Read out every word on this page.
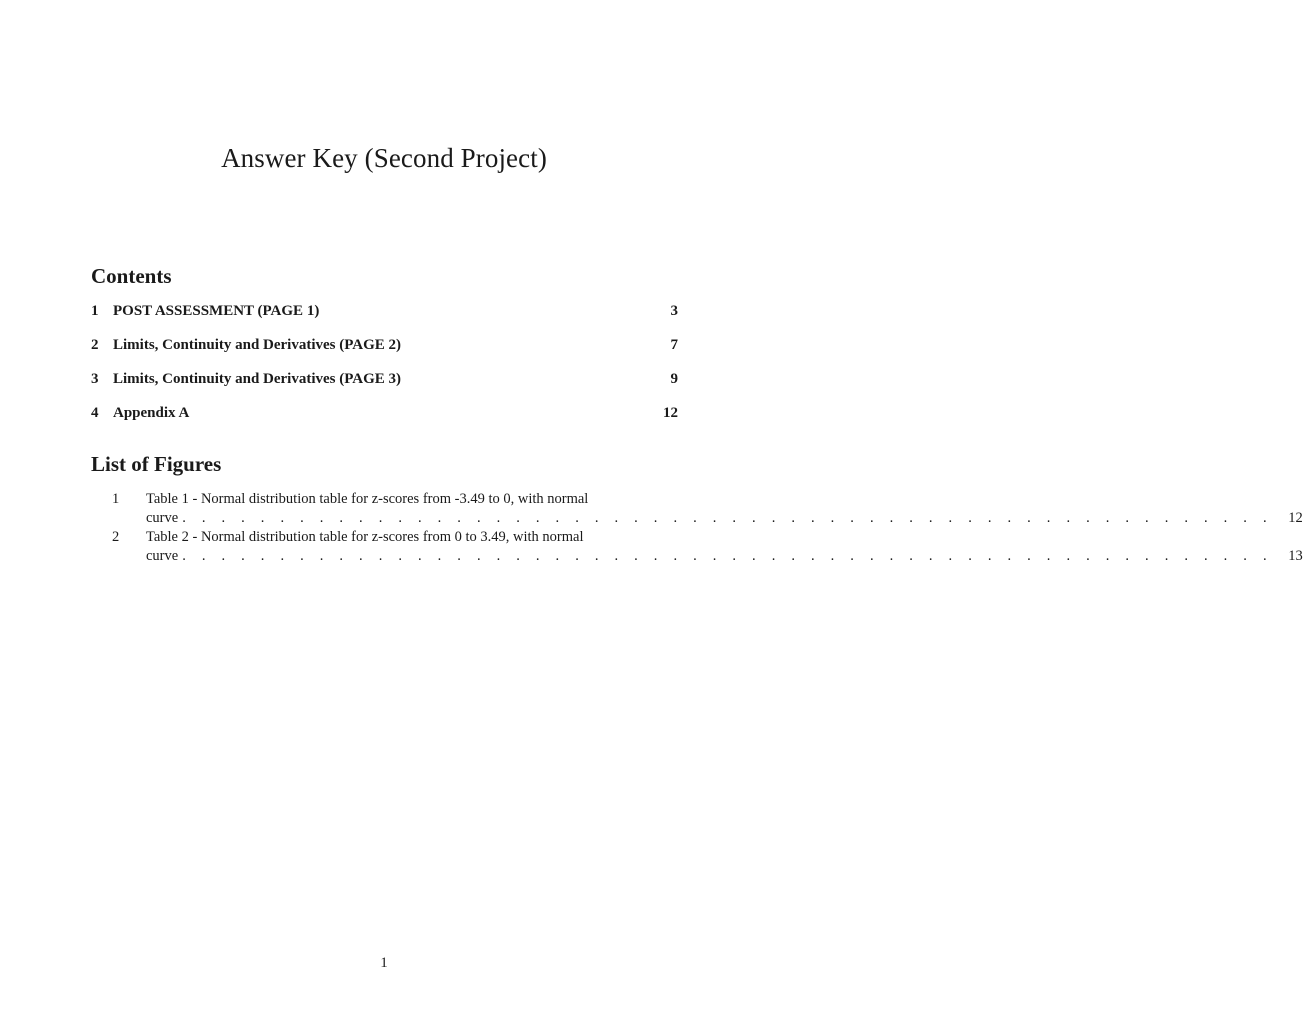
Answer Key (Second Project)
Contents
1 POST ASSESSMENT (PAGE 1)	3
2 Limits, Continuity and Derivatives (PAGE 2)	7
3 Limits, Continuity and Derivatives (PAGE 3)	9
4 Appendix A	12
List of Figures
1 Table 1 - Normal distribution table for z-scores from -3.49 to 0, with normal
curve . . . . . . . . . . . . . . . . . . . . . . . . . . . . . . . . . . . . . . . . . . . . . . . . . . . . . . . .	12
2 Table 2 - Normal distribution table for z-scores from 0 to 3.49, with normal
curve . . . . . . . . . . . . . . . . . . . . . . . . . . . . . . . . . . . . . . . . . . . . . . . . . . . . . . . .	13
1
